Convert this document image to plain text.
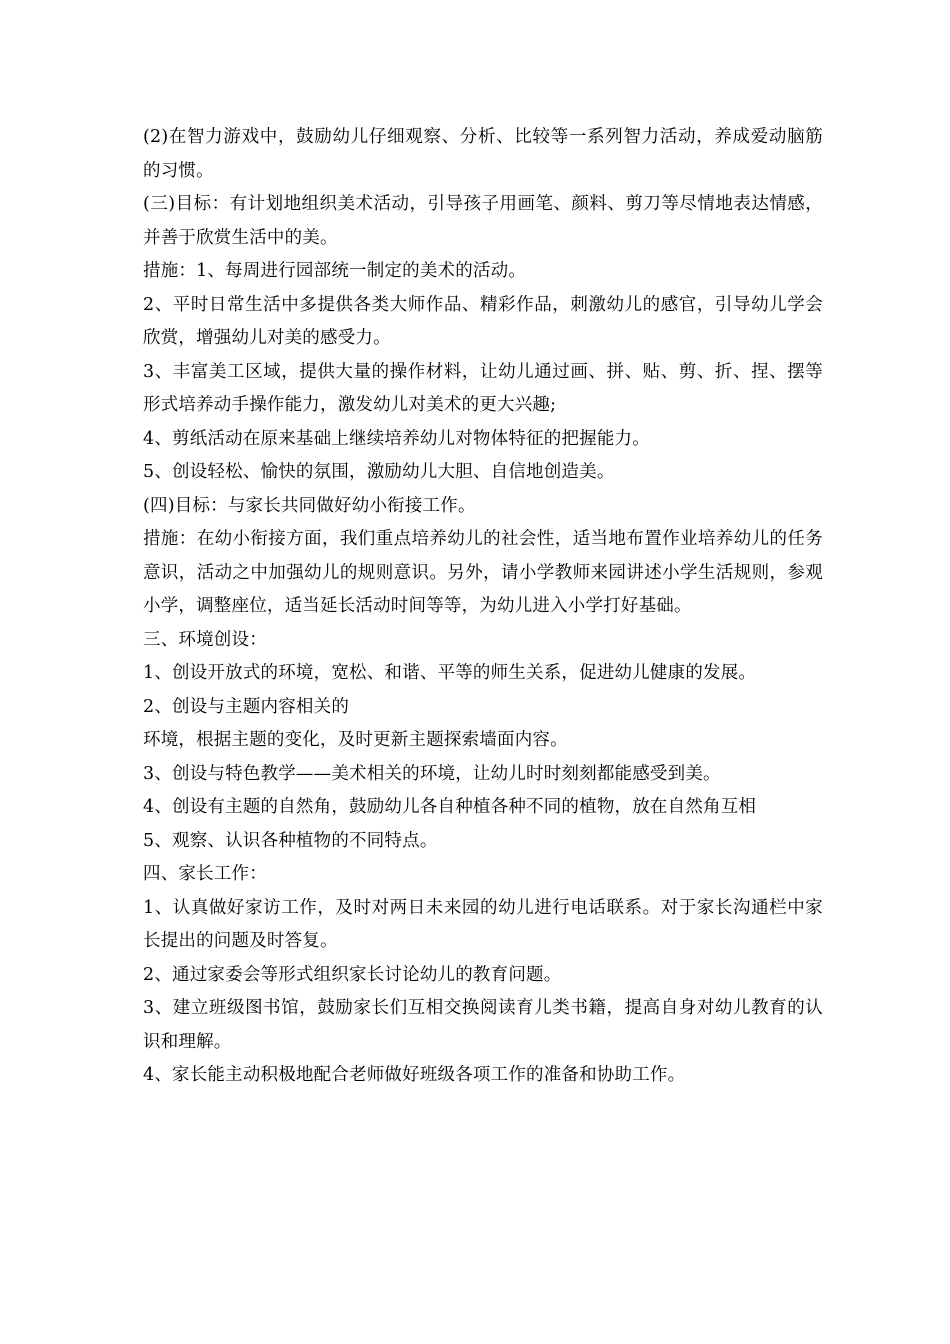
(2)在智力游戏中，鼓励幼儿仔细观察、分析、比较等一系列智力活动，养成爱动脑筋的习惯。

(三)目标：有计划地组织美术活动，引导孩子用画笔、颜料、剪刀等尽情地表达情感，并善于欣赏生活中的美。

措施：1、每周进行园部统一制定的美术的活动。

2、平时日常生活中多提供各类大师作品、精彩作品，刺激幼儿的感官，引导幼儿学会欣赏，增强幼儿对美的感受力。

3、丰富美工区域，提供大量的操作材料，让幼儿通过画、拼、贴、剪、折、捏、摆等形式培养动手操作能力，激发幼儿对美术的更大兴趣;

4、剪纸活动在原来基础上继续培养幼儿对物体特征的把握能力。

5、创设轻松、愉快的氛围，激励幼儿大胆、自信地创造美。

(四)目标：与家长共同做好幼小衔接工作。

措施：在幼小衔接方面，我们重点培养幼儿的社会性，适当地布置作业培养幼儿的任务意识，活动之中加强幼儿的规则意识。另外，请小学教师来园讲述小学生活规则，参观小学，调整座位，适当延长活动时间等等，为幼儿进入小学打好基础。

三、环境创设：

1、创设开放式的环境，宽松、和谐、平等的师生关系，促进幼儿健康的发展。

2、创设与主题内容相关的

环境，根据主题的变化，及时更新主题探索墙面内容。

3、创设与特色教学——美术相关的环境，让幼儿时时刻刻都能感受到美。

4、创设有主题的自然角，鼓励幼儿各自种植各种不同的植物，放在自然角互相

5、观察、认识各种植物的不同特点。

四、家长工作：

1、认真做好家访工作，及时对两日未来园的幼儿进行电话联系。对于家长沟通栏中家长提出的问题及时答复。

2、通过家委会等形式组织家长讨论幼儿的教育问题。

3、建立班级图书馆，鼓励家长们互相交换阅读育儿类书籍，提高自身对幼儿教育的认识和理解。

4、家长能主动积极地配合老师做好班级各项工作的准备和协助工作。
